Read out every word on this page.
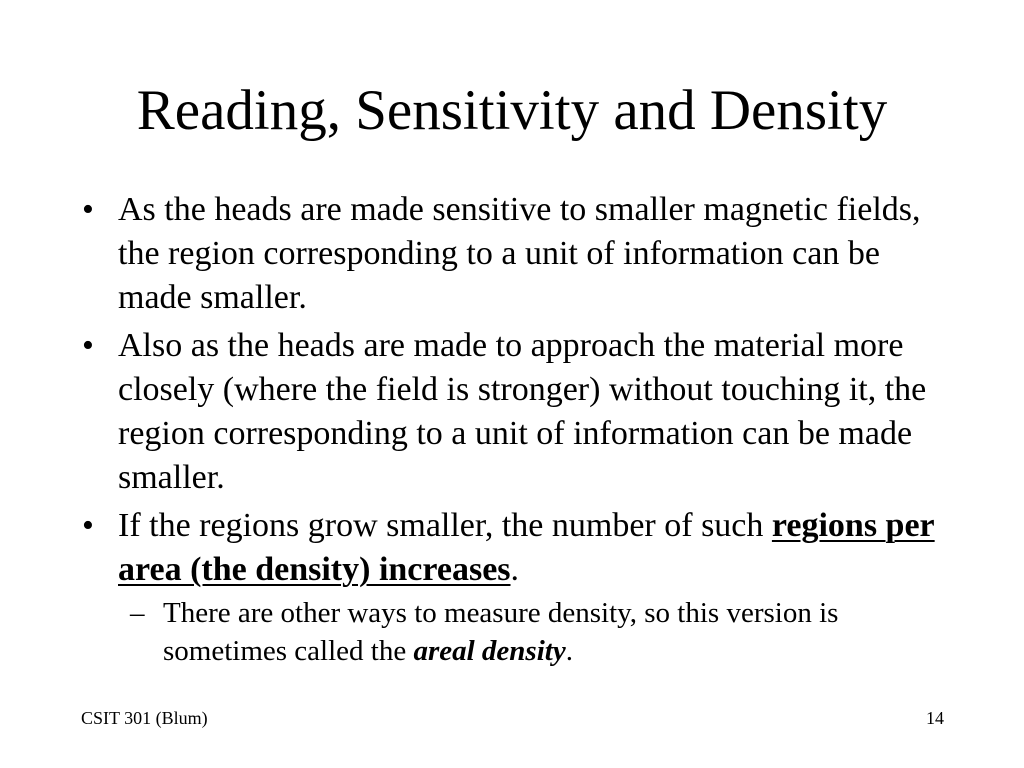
Reading, Sensitivity and Density
• As the heads are made sensitive to smaller magnetic fields, the region corresponding to a unit of information can be made smaller.
• Also as the heads are made to approach the material more closely (where the field is stronger) without touching it, the region corresponding to a unit of information can be made smaller.
• If the regions grow smaller, the number of such regions per area (the density) increases.
– There are other ways to measure density, so this version is sometimes called the areal density.
CSIT 301 (Blum)	14
